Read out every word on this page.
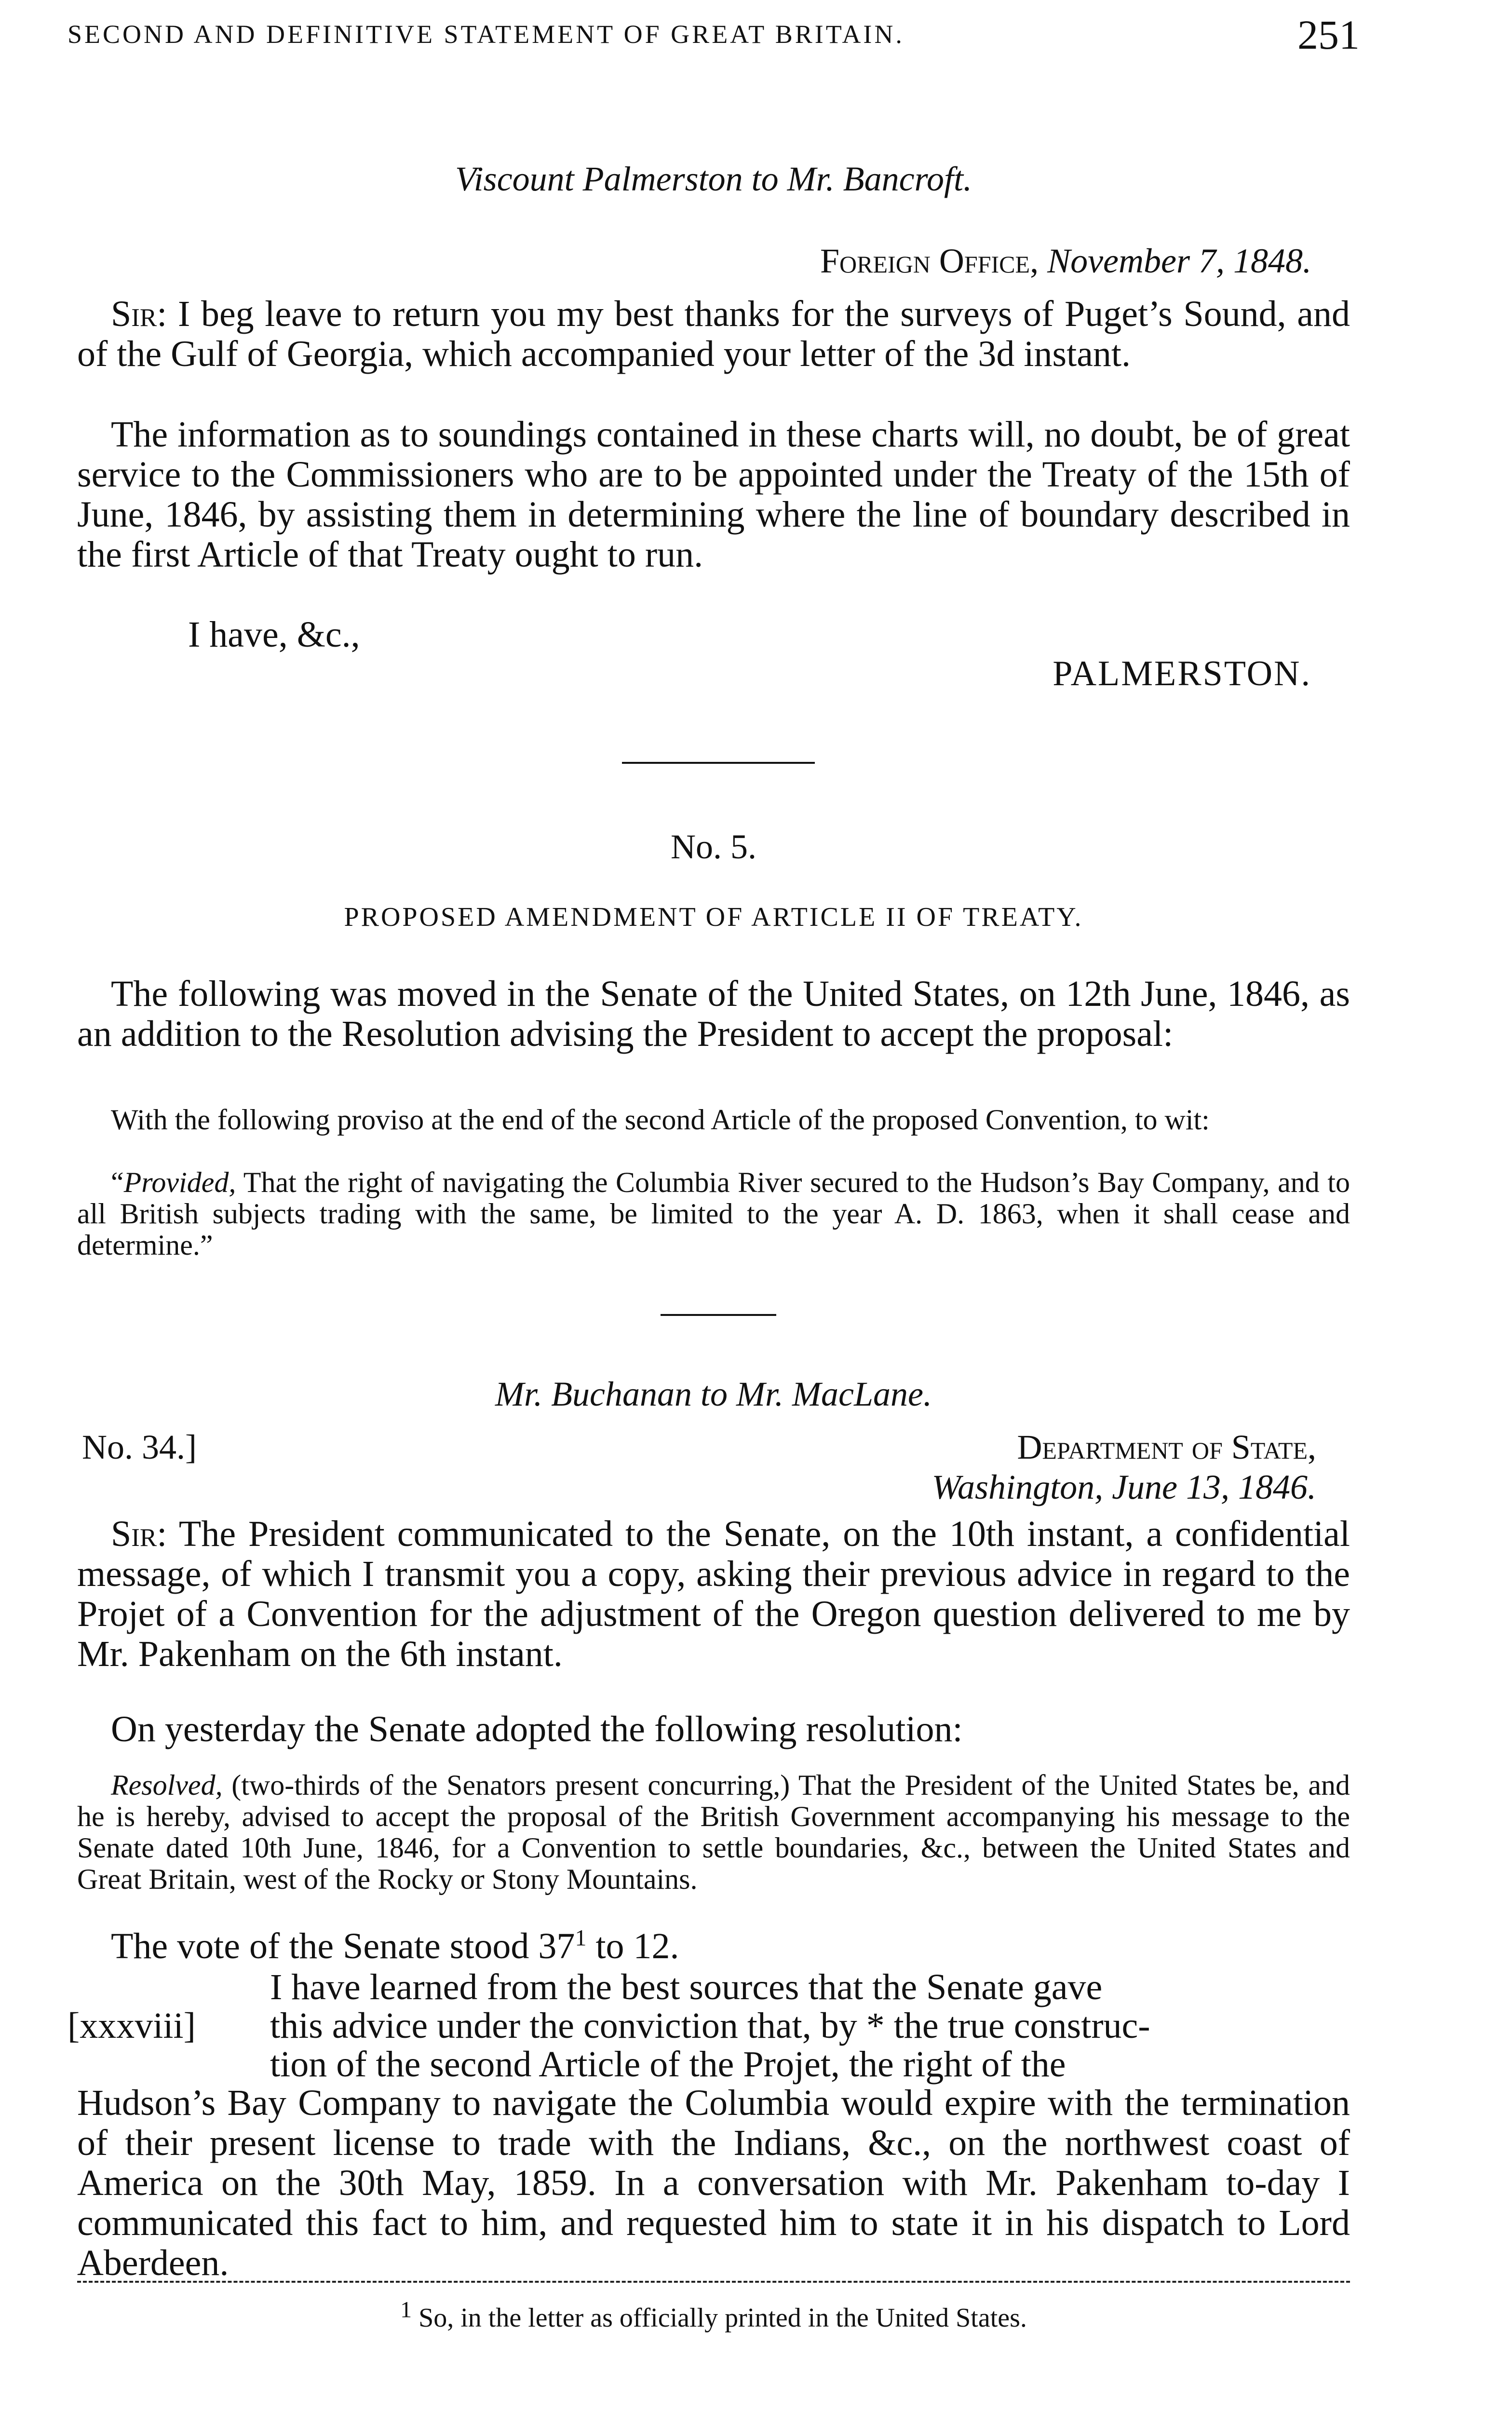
SECOND AND DEFINITIVE STATEMENT OF GREAT BRITAIN.	251
Viscount Palmerston to Mr. Bancroft.
Foreign Office, November 7, 1848.
Sir: I beg leave to return you my best thanks for the surveys of Puget’s Sound, and of the Gulf of Georgia, which accompanied your letter of the 3d instant.
The information as to soundings contained in these charts will, no doubt, be of great service to the Commissioners who are to be appointed under the Treaty of the 15th of June, 1846, by assisting them in determining where the line of boundary described in the first Article of that Treaty ought to run.
I have, &c.,
PALMERSTON.
No. 5.
PROPOSED AMENDMENT OF ARTICLE II OF TREATY.
The following was moved in the Senate of the United States, on 12th June, 1846, as an addition to the Resolution advising the President to accept the proposal:
With the following proviso at the end of the second Article of the proposed Convention, to wit:
“Provided, That the right of navigating the Columbia River secured to the Hudson’s Bay Company, and to all British subjects trading with the same, be limited to the year A. D. 1863, when it shall cease and determine.”
Mr. Buchanan to Mr. MacLane.
No. 34.]	Department of State,
Washington, June 13, 1846.
Sir: The President communicated to the Senate, on the 10th instant, a confidential message, of which I transmit you a copy, asking their previous advice in regard to the Projet of a Convention for the adjustment of the Oregon question delivered to me by Mr. Pakenham on the 6th instant.
On yesterday the Senate adopted the following resolution:
Resolved, (two-thirds of the Senators present concurring,) That the President of the United States be, and he is hereby, advised to accept the proposal of the British Government accompanying his message to the Senate dated 10th June, 1846, for a Convention to settle boundaries, &c., between the United States and Great Britain, west of the Rocky or Stony Mountains.
The vote of the Senate stood $37^1$ to 12.
I have learned from the best sources that the Senate gave
[xxxviii]	this advice under the conviction that, by * the true construc-
tion of the second Article of the Projet, the right of the
Hudson’s Bay Company to navigate the Columbia would expire with the termination of their present license to trade with the Indians, &c., on the northwest coast of America on the 30th May, 1859. In a conversation with Mr. Pakenham to-day I communicated this fact to him, and requested him to state it in his dispatch to Lord Aberdeen.
$^1$ So, in the letter as officially printed in the United States.
